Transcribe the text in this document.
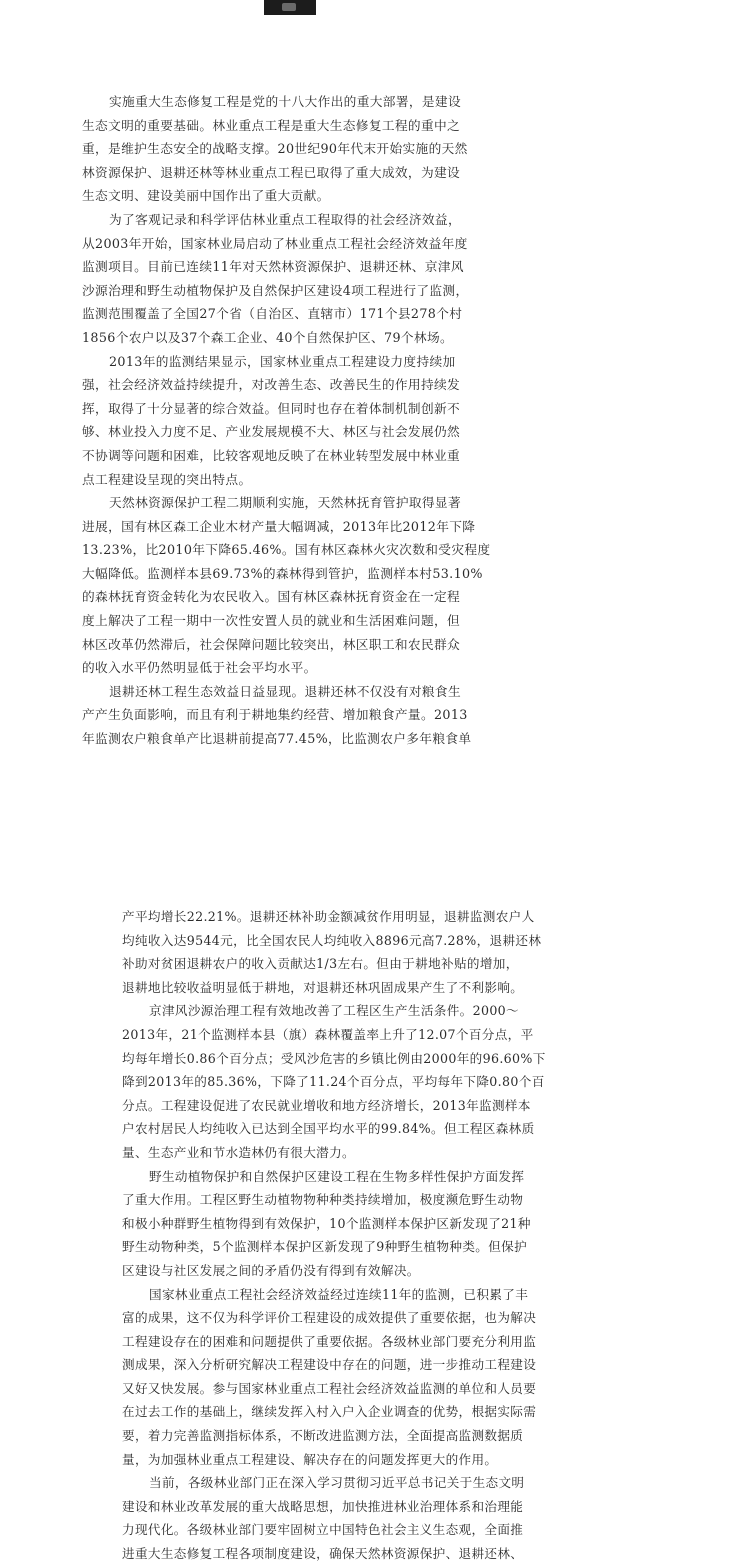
实施重大生态修复工程是党的十八大作出的重大部署，是建设
生态文明的重要基础。林业重点工程是重大生态修复工程的重中之
重，是维护生态安全的战略支撑。20世纪90年代末开始实施的天然
林资源保护、退耕还林等林业重点工程已取得了重大成效，为建设
生态文明、建设美丽中国作出了重大贡献。
为了客观记录和科学评估林业重点工程取得的社会经济效益，
从2003年开始，国家林业局启动了林业重点工程社会经济效益年度
监测项目。目前已连续11年对天然林资源保护、退耕还林、京津风
沙源治理和野生动植物保护及自然保护区建设4项工程进行了监测，
监测范围覆盖了全国27个省（自治区、直辖市）171个县278个村
1856个农户以及37个森工企业、40个自然保护区、79个林场。
2013年的监测结果显示，国家林业重点工程建设力度持续加
强，社会经济效益持续提升，对改善生态、改善民生的作用持续发
挥，取得了十分显著的综合效益。但同时也存在着体制机制创新不
够、林业投入力度不足、产业发展规模不大、林区与社会发展仍然
不协调等问题和困难，比较客观地反映了在林业转型发展中林业重
点工程建设呈现的突出特点。
天然林资源保护工程二期顺利实施，天然林抚育管护取得显著
进展，国有林区森工企业木材产量大幅调减，2013年比2012年下降
13.23%，比2010年下降65.46%。国有林区森林火灾次数和受灾程度
大幅降低。监测样本县69.73%的森林得到管护，监测样本村53.10%
的森林抚育资金转化为农民收入。国有林区森林抚育资金在一定程
度上解决了工程一期中一次性安置人员的就业和生活困难问题，但
林区改革仍然滞后，社会保障问题比较突出，林区职工和农民群众
的收入水平仍然明显低于社会平均水平。
退耕还林工程生态效益日益显现。退耕还林不仅没有对粮食生
产产生负面影响，而且有利于耕地集约经营、增加粮食产量。2013
年监测农户粮食单产比退耕前提高77.45%，比监测农户多年粮食单
产平均增长22.21%。退耕还林补助金额减贫作用明显，退耕监测农户人
均纯收入达9544元，比全国农民人均纯收入8896元高7.28%，退耕还林
补助对贫困退耕农户的收入贡献达1/3左右。但由于耕地补贴的增加，
退耕地比较收益明显低于耕地，对退耕还林巩固成果产生了不利影响。
京津风沙源治理工程有效地改善了工程区生产生活条件。2000～
2013年，21个监测样本县（旗）森林覆盖率上升了12.07个百分点，平
均每年增长0.86个百分点；受风沙危害的乡镇比例由2000年的96.60%下
降到2013年的85.36%，下降了11.24个百分点，平均每年下降0.80个百
分点。工程建设促进了农民就业增收和地方经济增长，2013年监测样本
户农村居民人均纯收入已达到全国平均水平的99.84%。但工程区森林质
量、生态产业和节水造林仍有很大潜力。
野生动植物保护和自然保护区建设工程在生物多样性保护方面发挥
了重大作用。工程区野生动植物物种种类持续增加，极度濒危野生动物
和极小种群野生植物得到有效保护，10个监测样本保护区新发现了21种
野生动物种类，5个监测样本保护区新发现了9种野生植物种类。但保护
区建设与社区发展之间的矛盾仍没有得到有效解决。
国家林业重点工程社会经济效益经过连续11年的监测，已积累了丰
富的成果，这不仅为科学评价工程建设的成效提供了重要依据，也为解决
工程建设存在的困难和问题提供了重要依据。各级林业部门要充分利用监
测成果，深入分析研究解决工程建设中存在的问题，进一步推动工程建设
又好又快发展。参与国家林业重点工程社会经济效益监测的单位和人员要
在过去工作的基础上，继续发挥入村入户入企业调查的优势，根据实际需
要，着力完善监测指标体系，不断改进监测方法，全面提高监测数据质
量，为加强林业重点工程建设、解决存在的问题发挥更大的作用。
当前，各级林业部门正在深入学习贯彻习近平总书记关于生态文明
建设和林业改革发展的重大战略思想，加快推进林业治理体系和治理能
力现代化。各级林业部门要牢固树立中国特色社会主义生态观，全面推
进重大生态修复工程各项制度建设，确保天然林资源保护、退耕还林、
